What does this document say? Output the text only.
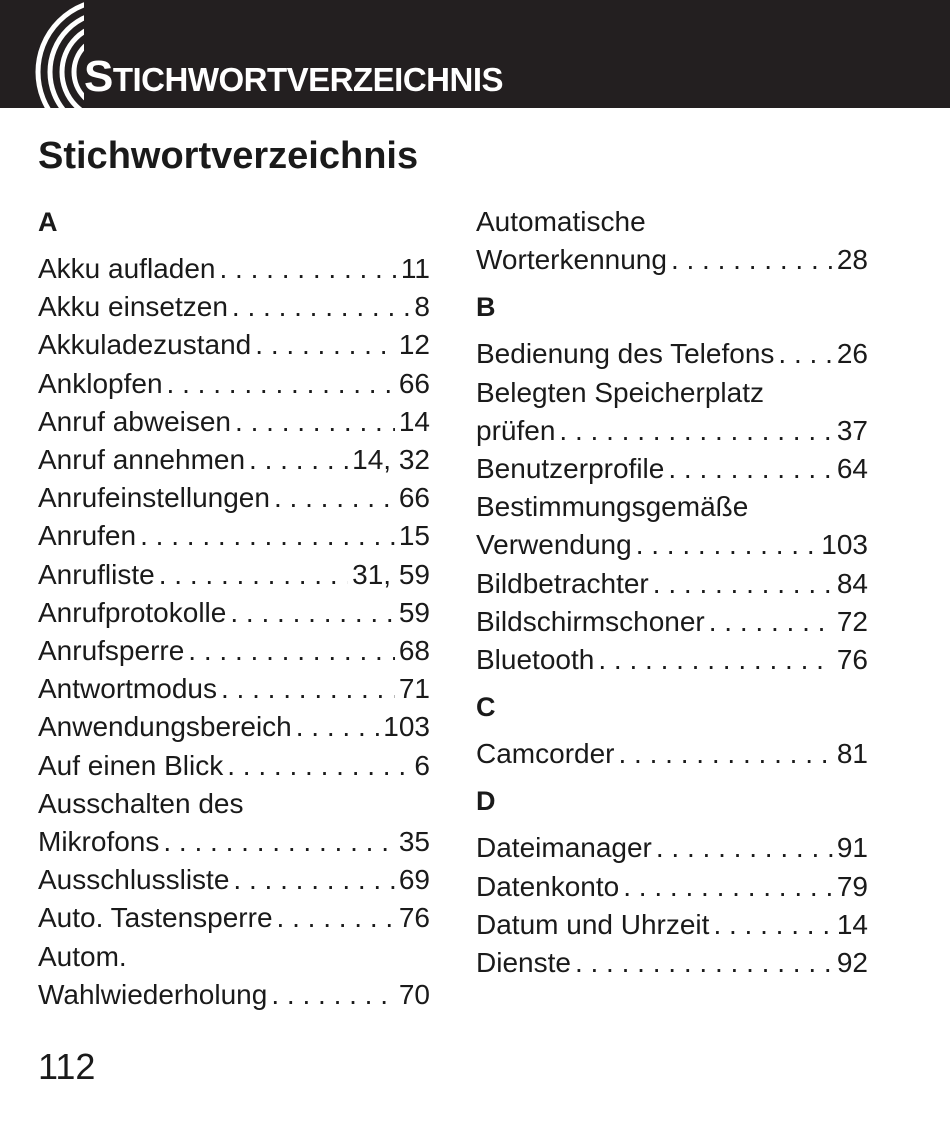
STICHWORTVERZEICHNIS
Stichwortverzeichnis
A
Akku aufladen . . .	11
Akku einsetzen . . .	8
Akkuladezustand . . .	12
Anklopfen . . .	66
Anruf abweisen . . .	14
Anruf annehmen . . .	14, 32
Anrufeinstellungen . . .	66
Anrufen . . .	15
Anrufliste . . .	31, 59
Anrufprotokolle . . .	59
Anrufsperre . . .	68
Antwortmodus . . .	71
Anwendungsbereich . . .	103
Auf einen Blick . . .	6
Ausschalten des
Mikrofons . . .	35
Ausschlussliste . . .	69
Auto. Tastensperre . . .	76
Autom.
Wahlwiederholung . . .	70
Automatische
Worterkennung . . .	28
B
Bedienung des Telefons . . . 26
Belegten Speicherplatz
prüfen . . .	37
Benutzerprofile . . .	64
Bestimmungsgemäße
Verwendung . . .	103
Bildbetrachter . . .	84
Bildschirmschoner . . .	72
Bluetooth . . .	76
C
Camcorder . . .	81
D
Dateimanager . . .	91
Datenkonto . . .	79
Datum und Uhrzeit . . .	14
Dienste . . .	92

112
